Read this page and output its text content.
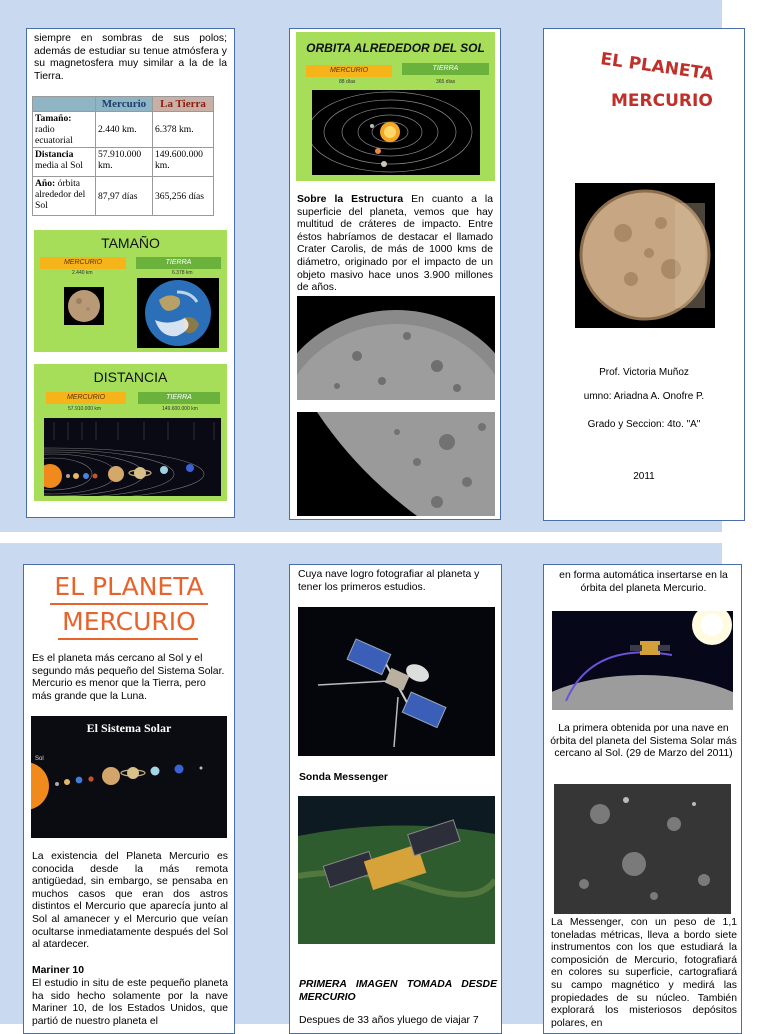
siempre en sombras de sus polos; además de estudiar su tenue atmósfera y su magnetosfera muy similar a la de la Tierra.
	Mercurio	La Tierra
Tamaño:
radio ecuatorial	2.440 km.	6.378 km.
Distancia media al Sol	57.910.000 km.	149.600.000 km.
Año: órbita alrededor del Sol	87,97 días	365,256 días
TAMAÑO
MERCURIO	TIERRA
2.440 km	6.378 km
DISTANCIA
MERCURIO	TIERRA
57.910.000 km	149.600.000 km
ORBITA ALREDEDOR DEL SOL
MERCURIO	TIERRA
88 días	365 días
Sobre la Estructura En cuanto a la superficie del planeta, vemos que hay multitud de cráteres de impacto. Entre éstos habríamos de destacar el llamado Crater Carolis, de más de 1000 kms de diámetro, originado por el impacto de un objeto masivo hace unos 3.900 millones de años.
EL PLANETA
MERCURIO
Prof. Victoria Muñoz
umno: Ariadna A. Onofre P.
Grado y Seccion: 4to. "A"
2011
EL PLANETA
MERCURIO
Es el planeta más cercano al Sol y el segundo más pequeño del Sistema Solar. Mercurio es menor que la Tierra, pero más grande que la Luna.
El Sistema Solar
Sol
La existencia del Planeta Mercurio es conocida desde la más remota antigüedad, sin embargo, se pensaba en muchos casos que eran dos astros distintos el Mercurio que aparecía junto al Sol al amanecer y el Mercurio que veían ocultarse inmediatamente después del Sol al atardecer.
Mariner 10
El estudio in situ de este pequeño planeta ha sido hecho solamente por la nave Mariner 10, de los Estados Unidos, que partió de nuestro planeta el
Cuya nave logro fotografiar al planeta y tener los primeros estudios.
Sonda Messenger
PRIMERA IMAGEN TOMADA DESDE MERCURIO
Despues de 33 años yluego de viajar 7
en forma automática insertarse en la órbita del planeta Mercurio.
La primera obtenida por una nave en órbita del planeta del Sistema Solar más cercano al Sol. (29 de Marzo del 2011)
La Messenger, con un peso de 1,1 toneladas métricas, lleva a bordo siete instrumentos con los que estudiará la composición de Mercurio, fotografiará en colores su superficie, cartografiará su campo magnético y medirá las propiedades de su núcleo. También explorará los misteriosos depósitos polares, en
